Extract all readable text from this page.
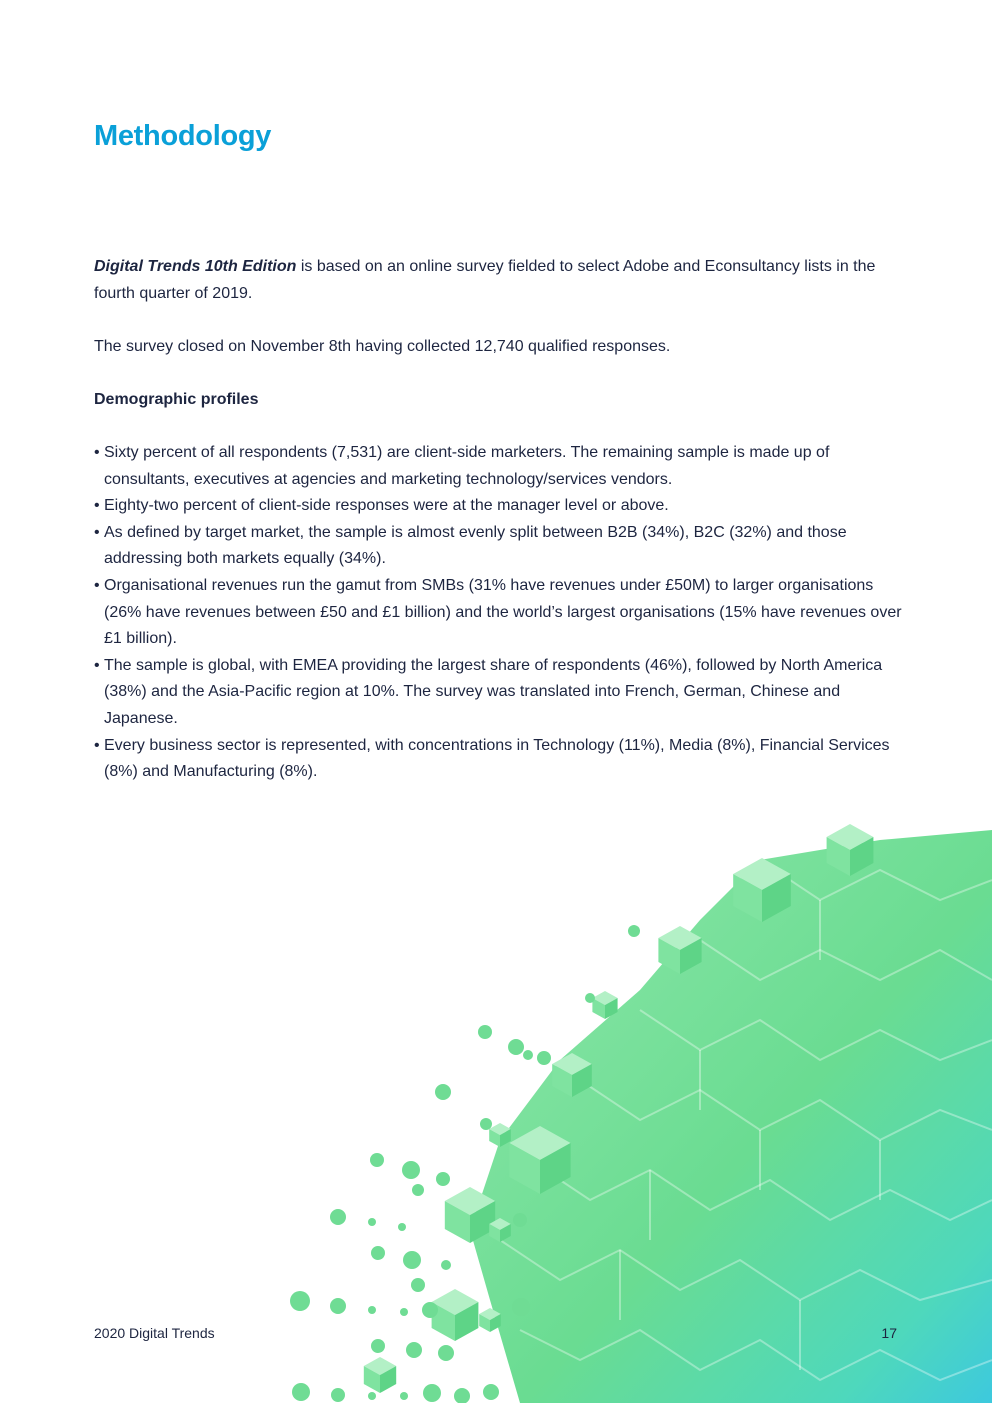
Methodology

Digital Trends 10th Edition is based on an online survey fielded to select Adobe and Econsultancy lists in the fourth quarter of 2019.

The survey closed on November 8th having collected 12,740 qualified responses.

Demographic profiles
• Sixty percent of all respondents (7,531) are client-side marketers. The remaining sample is made up of consultants, executives at agencies and marketing technology/services vendors.
• Eighty-two percent of client-side responses were at the manager level or above.
• As defined by target market, the sample is almost evenly split between B2B (34%), B2C (32%) and those addressing both markets equally (34%).
• Organisational revenues run the gamut from SMBs (31% have revenues under £50M) to larger organisations (26% have revenues between £50 and £1 billion) and the world’s largest organisations (15% have revenues over £1 billion).
• The sample is global, with EMEA providing the largest share of respondents (46%), followed by North America (38%) and the Asia-Pacific region at 10%. The survey was translated into French, German, Chinese and Japanese.
• Every business sector is represented, with concentrations in Technology (11%), Media (8%), Financial Services (8%) and Manufacturing (8%).

2020 Digital Trends	17
